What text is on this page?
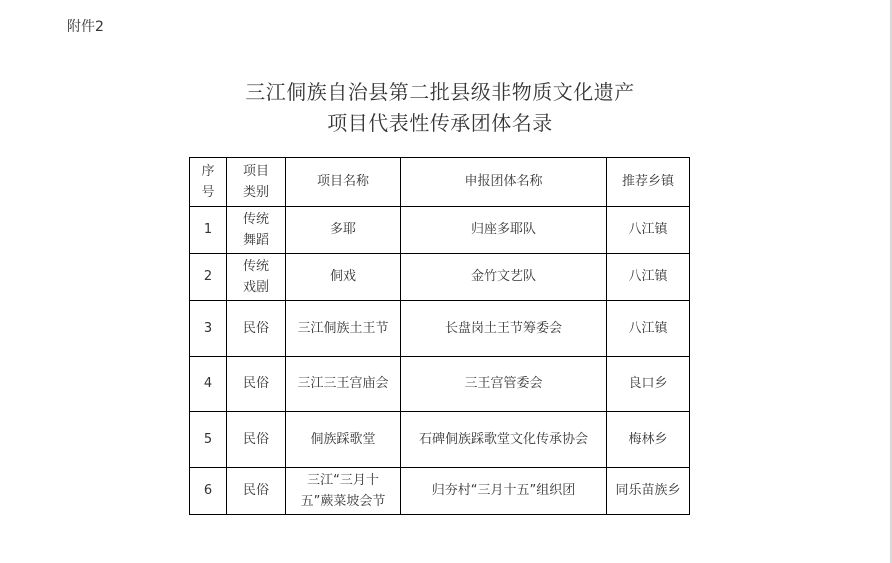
附件2
三江侗族自治县第二批县级非物质文化遗产
项目代表性传承团体名录
序号	项目类别	项目名称	申报团体名称	推荐乡镇
1	传统舞蹈	多耶	归座多耶队	八江镇
2	传统戏剧	侗戏	金竹文艺队	八江镇
3	民俗	三江侗族土王节	长盘岗土王节筹委会	八江镇
4	民俗	三江三王宫庙会	三王宫管委会	良口乡
5	民俗	侗族踩歌堂	石碑侗族踩歌堂文化传承协会	梅林乡
6	民俗	三江“三月十五”蕨菜坡会节	归夯村“三月十五”组织团	同乐苗族乡
